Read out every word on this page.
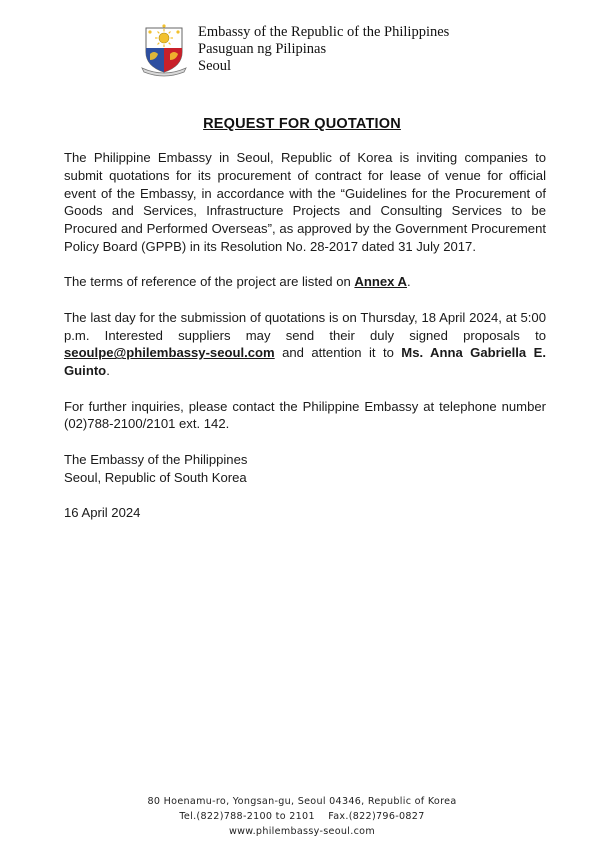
Embassy of the Republic of the Philippines
Pasuguan ng Pilipinas
Seoul
REQUEST FOR QUOTATION

The Philippine Embassy in Seoul, Republic of Korea is inviting companies to submit quotations for its procurement of contract for lease of venue for official event of the Embassy, in accordance with the “Guidelines for the Procurement of Goods and Services, Infrastructure Projects and Consulting Services to be Procured and Performed Overseas”, as approved by the Government Procurement Policy Board (GPPB) in its Resolution No. 28-2017 dated 31 July 2017.

The terms of reference of the project are listed on Annex A.

The last day for the submission of quotations is on Thursday, 18 April 2024, at 5:00 p.m. Interested suppliers may send their duly signed proposals to seoulpe@philembassy-seoul.com and attention it to Ms. Anna Gabriella E. Guinto.

For further inquiries, please contact the Philippine Embassy at telephone number (02)788-2100/2101 ext. 142.

The Embassy of the Philippines
Seoul, Republic of South Korea

16 April 2024

80 Hoenamu-ro, Yongsan-gu, Seoul 04346, Republic of Korea
Tel.(822)788-2100 to 2101    Fax.(822)796-0827
www.philembassy-seoul.com
